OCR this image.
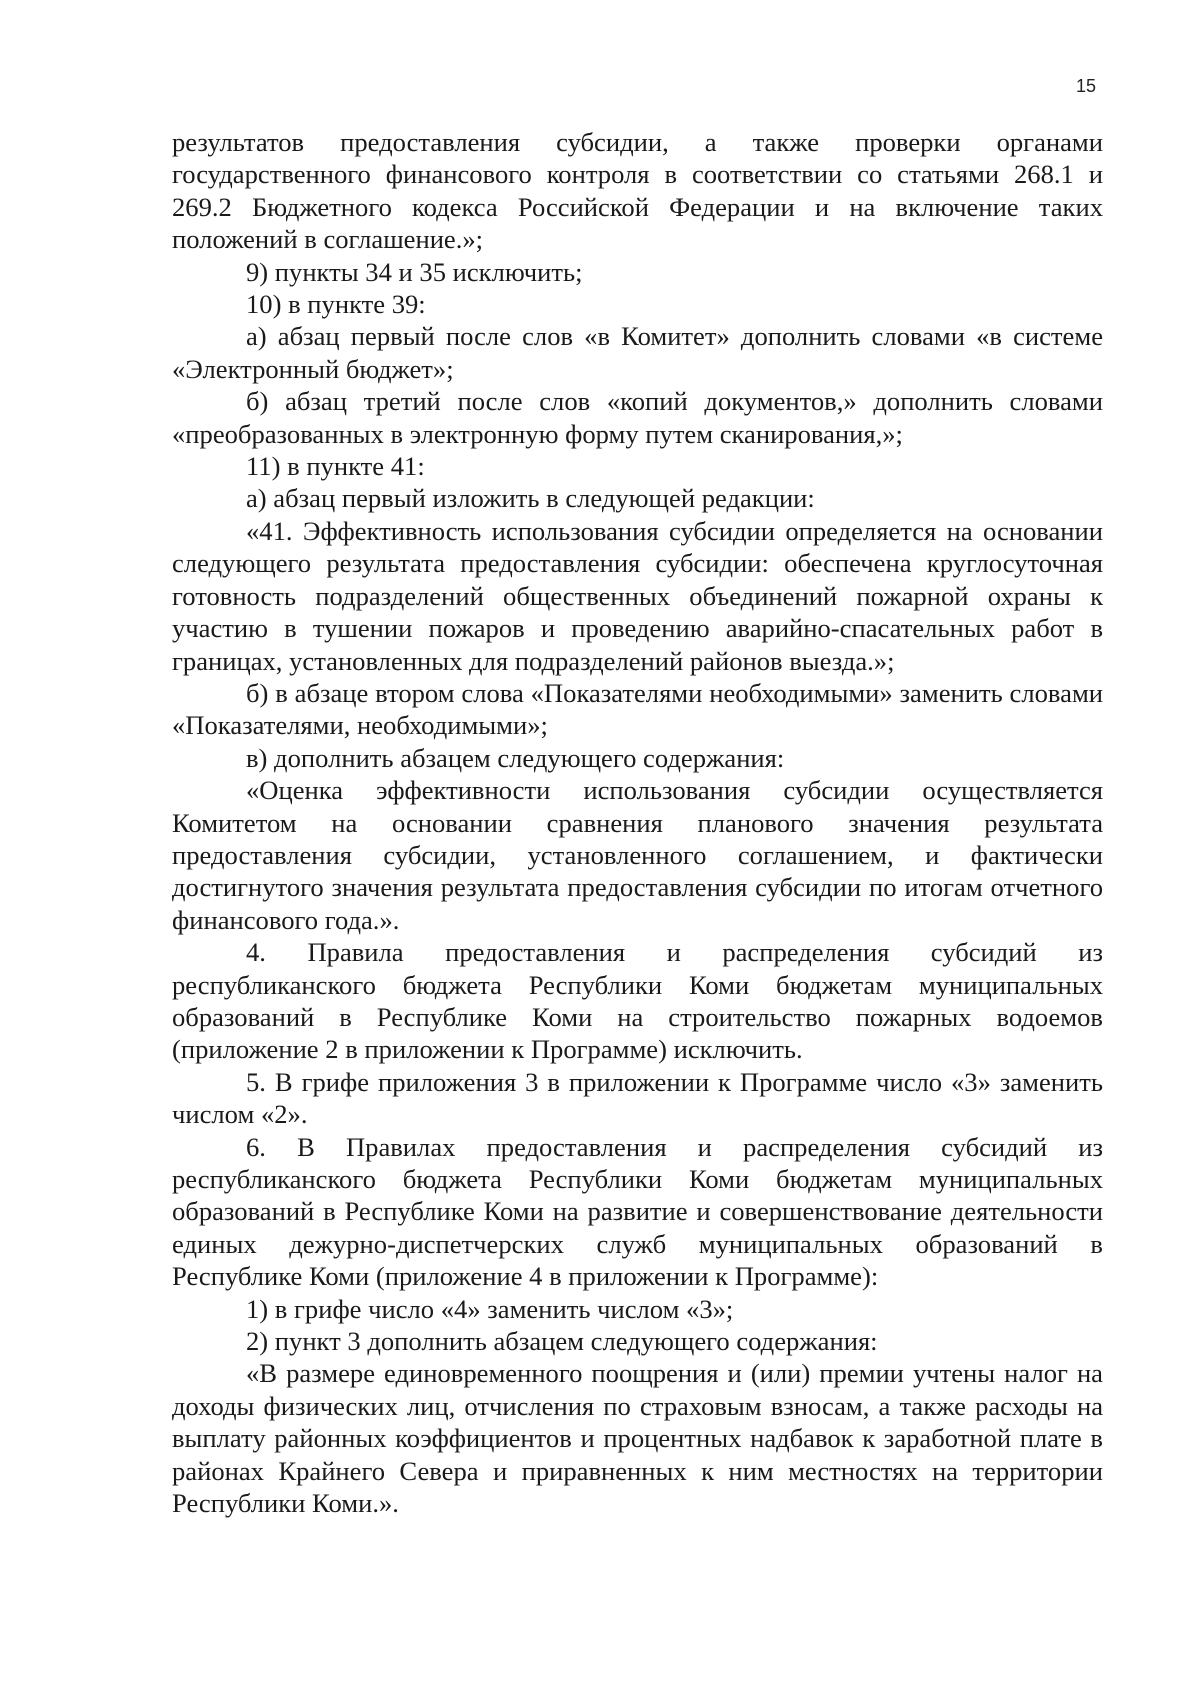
15

результатов предоставления субсидии, а также проверки органами государственного финансового контроля в соответствии со статьями 268.1 и 269.2 Бюджетного кодекса Российской Федерации и на включение таких положений в соглашение.»;

9) пункты 34 и 35 исключить;

10) в пункте 39:

а) абзац первый после слов «в Комитет» дополнить словами «в системе «Электронный бюджет»;

б) абзац третий после слов «копий документов,» дополнить словами «преобразованных в электронную форму путем сканирования,»;

11) в пункте 41:

а) абзац первый изложить в следующей редакции:

«41. Эффективность использования субсидии определяется на основании следующего результата предоставления субсидии: обеспечена круглосуточная готовность подразделений общественных объединений пожарной охраны к участию в тушении пожаров и проведению аварийно-спасательных работ в границах, установленных для подразделений районов выезда.»;

б) в абзаце втором слова «Показателями необходимыми» заменить словами «Показателями, необходимыми»;

в) дополнить абзацем следующего содержания:

«Оценка эффективности использования субсидии осуществляется Комитетом на основании сравнения планового значения результата предоставления субсидии, установленного соглашением, и фактически достигнутого значения результата предоставления субсидии по итогам отчетного финансового года.».

4. Правила предоставления и распределения субсидий из республиканского бюджета Республики Коми бюджетам муниципальных образований в Республике Коми на строительство пожарных водоемов (приложение 2 в приложении к Программе) исключить.

5. В грифе приложения 3 в приложении к Программе число «3» заменить числом «2».

6. В Правилах предоставления и распределения субсидий из республиканского бюджета Республики Коми бюджетам муниципальных образований в Республике Коми на развитие и совершенствование деятельности единых дежурно-диспетчерских служб муниципальных образований в Республике Коми (приложение 4 в приложении к Программе):

1) в грифе число «4» заменить числом «3»;

2) пункт 3 дополнить абзацем следующего содержания:

«В размере единовременного поощрения и (или) премии учтены налог на доходы физических лиц, отчисления по страховым взносам, а также расходы на выплату районных коэффициентов и процентных надбавок к заработной плате в районах Крайнего Севера и приравненных к ним местностях на территории Республики Коми.».
